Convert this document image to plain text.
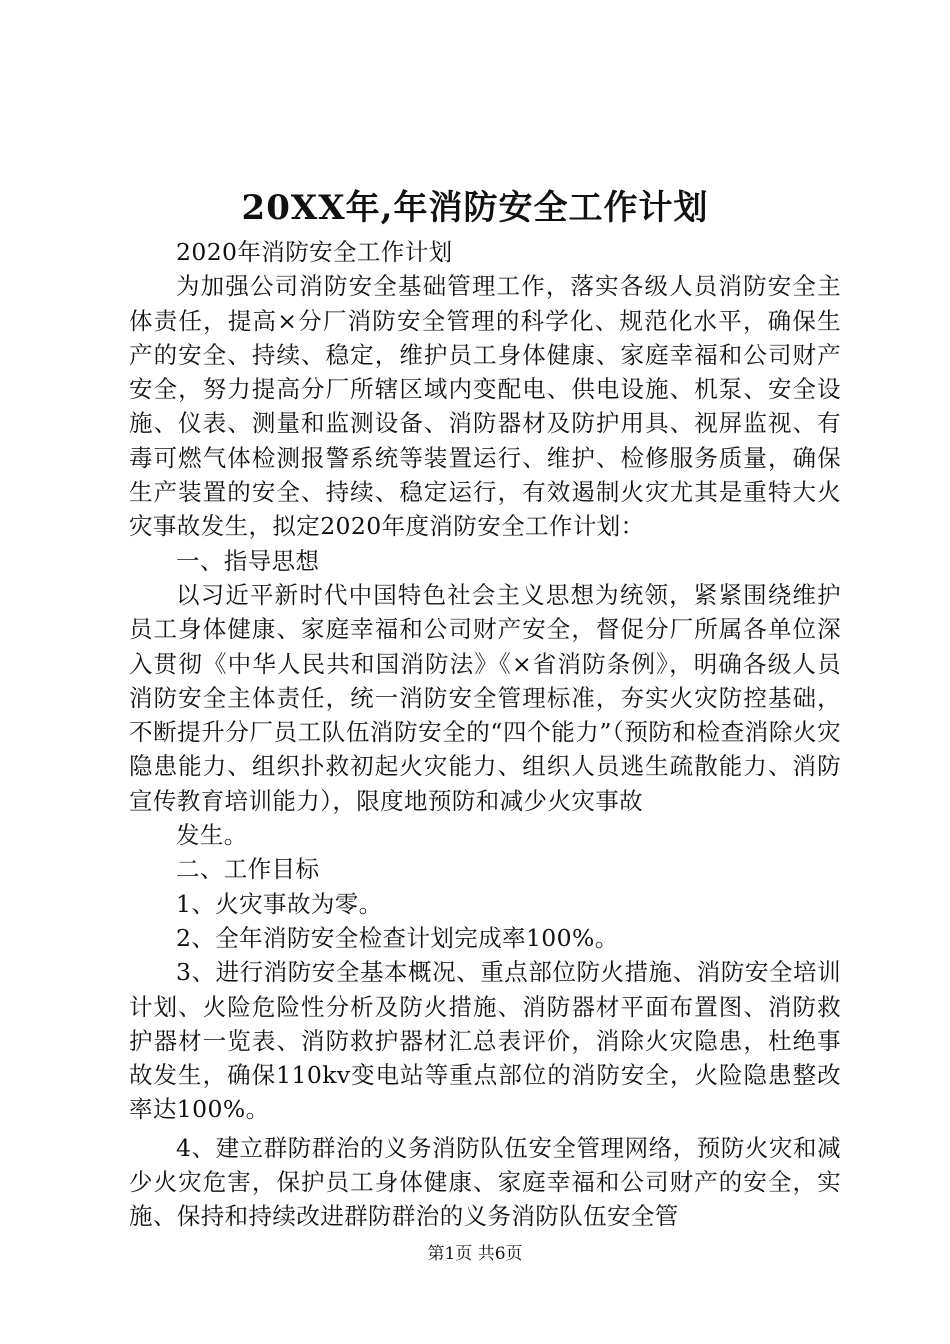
20XX年,年消防安全工作计划

2020年消防安全工作计划

为加强公司消防安全基础管理工作，落实各级人员消防安全主体责任，提高×分厂消防安全管理的科学化、规范化水平，确保生产的安全、持续、稳定，维护员工身体健康、家庭幸福和公司财产安全，努力提高分厂所辖区域内变配电、供电设施、机泵、安全设施、仪表、测量和监测设备、消防器材及防护用具、视屏监视、有毒可燃气体检测报警系统等装置运行、维护、检修服务质量，确保生产装置的安全、持续、稳定运行，有效遏制火灾尤其是重特大火灾事故发生，拟定2020年度消防安全工作计划：

一、指导思想

以习近平新时代中国特色社会主义思想为统领，紧紧围绕维护员工身体健康、家庭幸福和公司财产安全，督促分厂所属各单位深入贯彻《中华人民共和国消防法》《×省消防条例》，明确各级人员消防安全主体责任，统一消防安全管理标准，夯实火灾防控基础，不断提升分厂员工队伍消防安全的“四个能力”（预防和检查消除火灾隐患能力、组织扑救初起火灾能力、组织人员逃生疏散能力、消防宣传教育培训能力），限度地预防和减少火灾事故

发生。

二、工作目标

1、火灾事故为零。

2、全年消防安全检查计划完成率100%。

3、进行消防安全基本概况、重点部位防火措施、消防安全培训计划、火险危险性分析及防火措施、消防器材平面布置图、消防救护器材一览表、消防救护器材汇总表评价，消除火灾隐患，杜绝事故发生，确保110kv变电站等重点部位的消防安全，火险隐患整改率达100%。

4、建立群防群治的义务消防队伍安全管理网络，预防火灾和减少火灾危害，保护员工身体健康、家庭幸福和公司财产的安全，实施、保持和持续改进群防群治的义务消防队伍安全管

第1页 共6页
